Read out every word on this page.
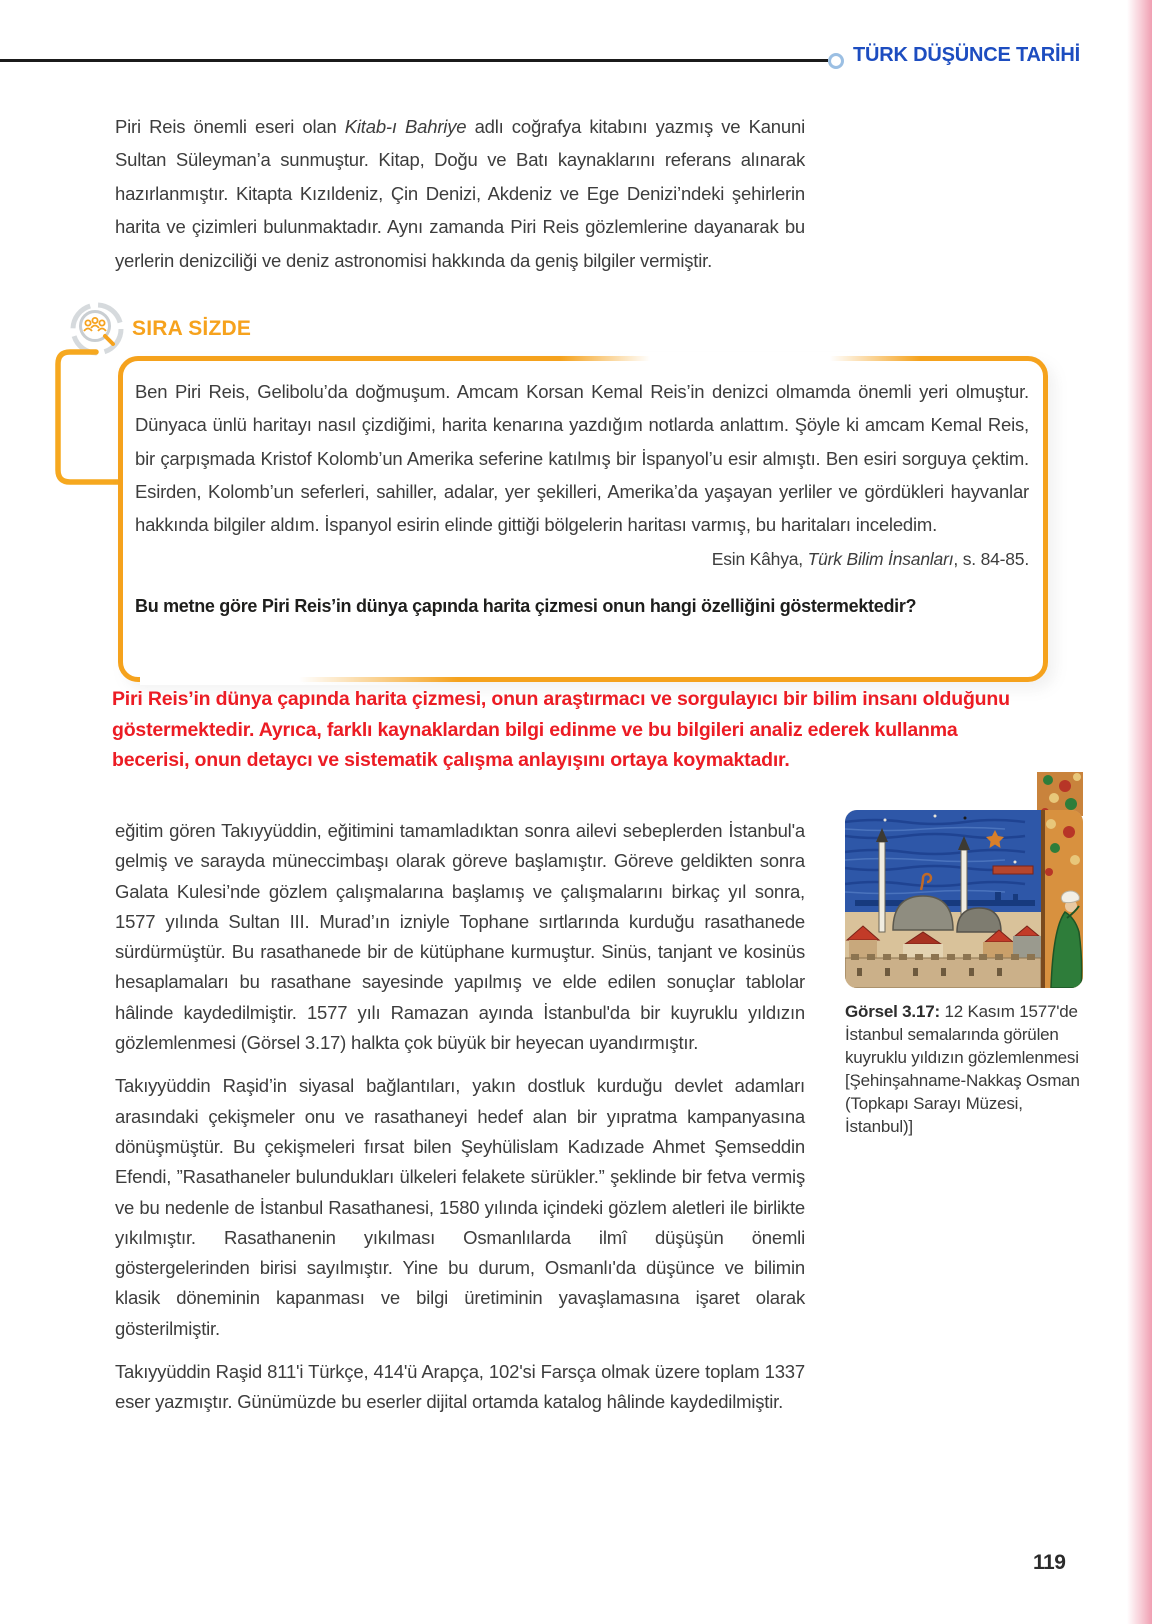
TÜRK DÜŞÜNCE TARİHİ
Piri Reis önemli eseri olan Kitab-ı Bahriye adlı coğrafya kitabını yazmış ve Kanuni Sultan Süleyman’a sunmuştur. Kitap, Doğu ve Batı kaynaklarını referans alınarak hazırlanmıştır. Kitapta Kızıldeniz, Çin Denizi, Akdeniz ve Ege Denizi’ndeki şehirlerin harita ve çizimleri bulunmaktadır. Aynı zamanda Piri Reis gözlemlerine dayanarak bu yerlerin denizciliği ve deniz astronomisi hakkında da geniş bilgiler vermiştir.
SIRA SİZDE

Ben Piri Reis, Gelibolu’da doğmuşum. Amcam Korsan Kemal Reis’in denizci olmamda önemli yeri olmuştur. Dünyaca ünlü haritayı nasıl çizdiğimi, harita kenarına yazdığım notlarda anlattım. Şöyle ki amcam Kemal Reis, bir çarpışmada Kristof Kolomb’un Amerika seferine katılmış bir İspanyol’u esir almıştı. Ben esiri sorguya çektim. Esirden, Kolomb’un seferleri, sahiller, adalar, yer şekilleri, Amerika’da yaşayan yerliler ve gördükleri hayvanlar hakkında bilgiler aldım. İspanyol esirin elinde gittiği bölgelerin haritası varmış, bu haritaları inceledim.

Esin Kâhya, Türk Bilim İnsanları, s. 84-85.
Bu metne göre Piri Reis’in dünya çapında harita çizmesi onun hangi özelliğini göstermektedir?
Piri Reis’in dünya çapında harita çizmesi, onun araştırmacı ve sorgulayıcı bir bilim insanı olduğunu göstermektedir. Ayrıca, farklı kaynaklardan bilgi edinme ve bu bilgileri analiz ederek kullanma becerisi, onun detaycı ve sistematik çalışma anlayışını ortaya koymaktadır.

eğitim gören Takıyyüddin, eğitimini tamamladıktan sonra ailevi sebeplerden İstanbul'a gelmiş ve sarayda müneccimbaşı olarak göreve başlamıştır. Göreve geldikten sonra Galata Kulesi’nde gözlem çalışmalarına başlamış ve çalışmalarını birkaç yıl sonra, 1577 yılında Sultan III. Murad’ın izniyle Tophane sırtlarında kurduğu rasathanede sürdürmüştür. Bu rasathanede bir de kütüphane kurmuştur. Sinüs, tanjant ve kosinüs hesaplamaları bu rasathane sayesinde yapılmış ve elde edilen sonuçlar tablolar hâlinde kaydedilmiştir. 1577 yılı Ramazan ayında İstanbul'da bir kuyruklu yıldızın gözlemlenmesi (Görsel 3.17) halkta çok büyük bir heyecan uyandırmıştır.

Takıyyüddin Raşid’in siyasal bağlantıları, yakın dostluk kurduğu devlet adamları arasındaki çekişmeler onu ve rasathaneyi hedef alan bir yıpratma kampanyasına dönüşmüştür. Bu çekişmeleri fırsat bilen Şeyhülislam Kadızade Ahmet Şemseddin Efendi, ”Rasathaneler bulundukları ülkeleri felakete sürükler.” şeklinde bir fetva vermiş ve bu nedenle de İstanbul Rasathanesi, 1580 yılında içindeki gözlem aletleri ile birlikte yıkılmıştır. Rasathanenin yıkılması Osmanlılarda ilmî düşüşün önemli göstergelerinden birisi sayılmıştır. Yine bu durum, Osmanlı'da düşünce ve bilimin klasik döneminin kapanması ve bilgi üretiminin yavaşlamasına işaret olarak gösterilmiştir.

Takıyyüddin Raşid 811'i Türkçe, 414'ü Arapça, 102'si Farsça olmak üzere toplam 1337 eser yazmıştır. Günümüzde bu eserler dijital ortamda katalog hâlinde kaydedilmiştir.

Görsel 3.17: 12 Kasım 1577'de İstanbul semalarında görülen kuyruklu yıldızın gözlemlenmesi [Şehinşahname-Nakkaş Osman (Topkapı Sarayı Müzesi, İstanbul)]
119
